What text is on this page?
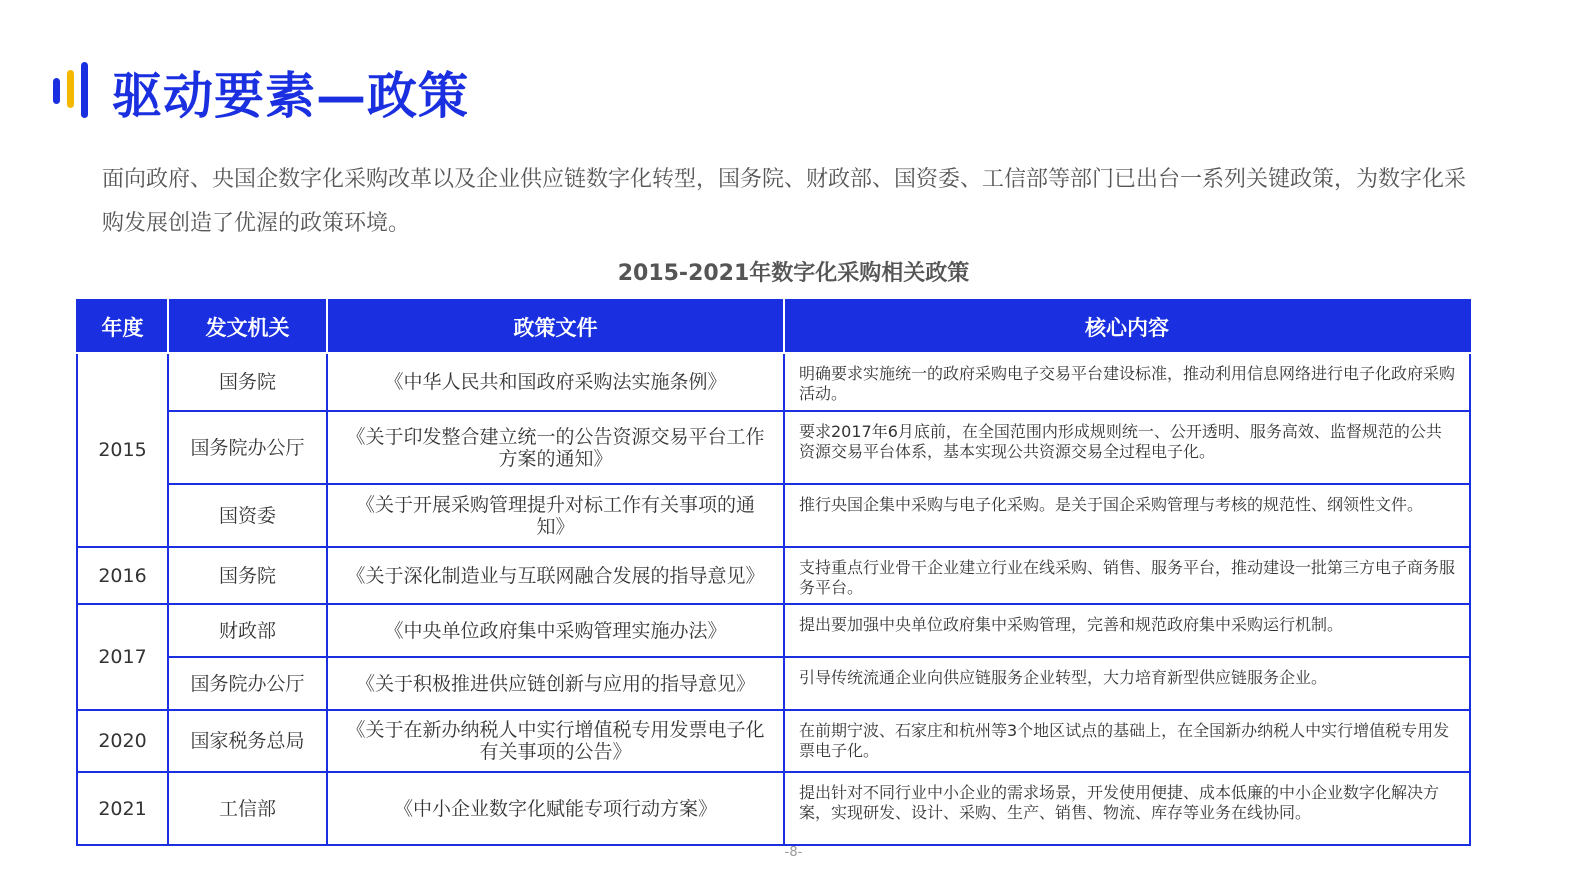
驱动要素—政策
面向政府、央国企数字化采购改革以及企业供应链数字化转型，国务院、财政部、国资委、工信部等部门已出台一系列关键政策，为数字化采购发展创造了优渥的政策环境。
2015-2021年数字化采购相关政策
年度	发文机关	政策文件	核心内容
2015	国务院	《中华人民共和国政府采购法实施条例》	明确要求实施统一的政府采购电子交易平台建设标准，推动利用信息网络进行电子化政府采购活动。
	国务院办公厅	《关于印发整合建立统一的公告资源交易平台工作方案的通知》	要求2017年6月底前，在全国范围内形成规则统一、公开透明、服务高效、监督规范的公共资源交易平台体系，基本实现公共资源交易全过程电子化。
	国资委	《关于开展采购管理提升对标工作有关事项的通知》	推行央国企集中采购与电子化采购。是关于国企采购管理与考核的规范性、纲领性文件。
2016	国务院	《关于深化制造业与互联网融合发展的指导意见》	支持重点行业骨干企业建立行业在线采购、销售、服务平台，推动建设一批第三方电子商务服务平台。
2017	财政部	《中央单位政府集中采购管理实施办法》	提出要加强中央单位政府集中采购管理，完善和规范政府集中采购运行机制。
	国务院办公厅	《关于积极推进供应链创新与应用的指导意见》	引导传统流通企业向供应链服务企业转型，大力培育新型供应链服务企业。
2020	国家税务总局	《关于在新办纳税人中实行增值税专用发票电子化有关事项的公告》	在前期宁波、石家庄和杭州等3个地区试点的基础上，在全国新办纳税人中实行增值税专用发票电子化。
2021	工信部	《中小企业数字化赋能专项行动方案》	提出针对不同行业中小企业的需求场景，开发使用便捷、成本低廉的中小企业数字化解决方案，实现研发、设计、采购、生产、销售、物流、库存等业务在线协同。
-8-
